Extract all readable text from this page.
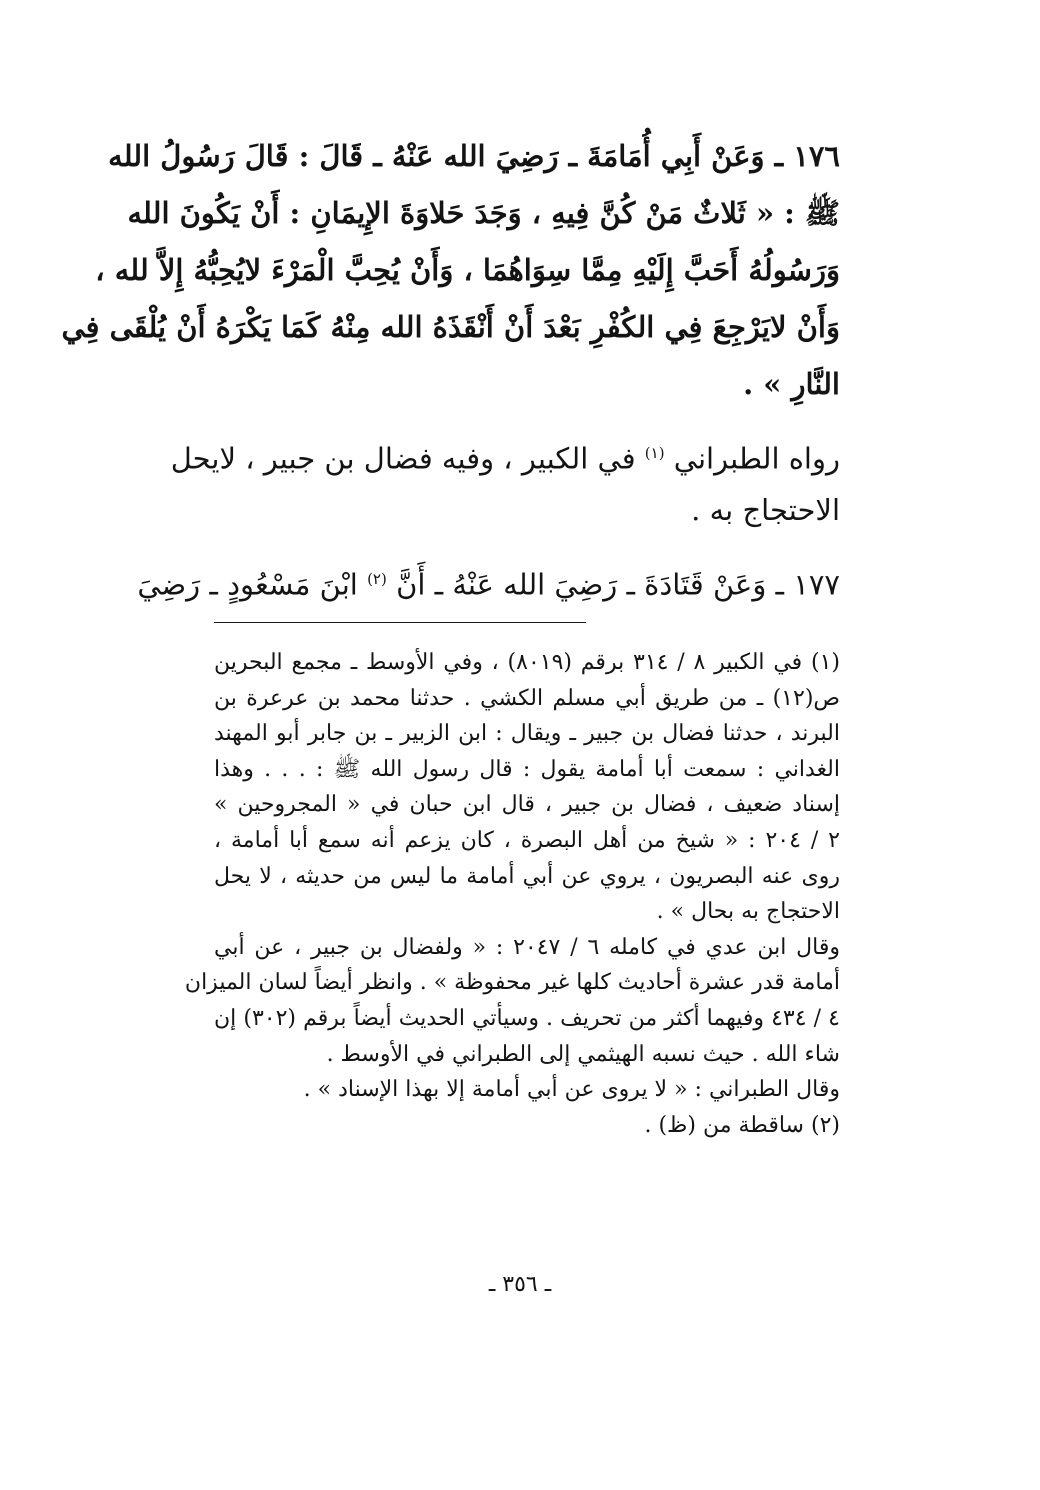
١٧٦ ـ وَعَنْ أَبِي أُمَامَةَ ـ رَضِيَ الله عَنْهُ ـ قَالَ : قَالَ رَسُولُ الله
ﷺ : « ثَلاثٌ مَنْ كُنَّ فِيهِ ، وَجَدَ حَلاوَةَ الإِيمَانِ : أَنْ يَكُونَ الله
وَرَسُولُهُ أَحَبَّ إِلَيْهِ مِمَّا سِوَاهُمَا ، وَأَنْ يُحِبَّ الْمَرْءَ لايُحِبُّهُ إِلاَّ لله ،
وَأَنْ لايَرْجِعَ فِي الكُفْرِ بَعْدَ أَنْ أَنْقَذَهُ الله مِنْهُ كَمَا يَكْرَهُ أَنْ يُلْقَى فِي
النَّارِ » .
رواه الطبراني $^{(١)}$ في الكبير ، وفيه فضال بن جبير ، لايحل
الاحتجاج به .
١٧٧ ـ وَعَنْ قَتَادَةَ ـ رَضِيَ الله عَنْهُ ـ أَنَّ $^{(٢)}$ ابْنَ مَسْعُودٍ ـ رَضِيَ
(١) في الكبير ٨ / ٣١٤ برقم (٨٠١٩) ، وفي الأوسط ـ مجمع البحرين
ص(١٢) ـ من طريق أبي مسلم الكشي . حدثنا محمد بن عرعرة بن
البرند ، حدثنا فضال بن جبير ـ ويقال : ابن الزبير ـ بن جابر أبو المهند
الغداني : سمعت أبا أمامة يقول : قال رسول الله ﷺ : . . . وهذا
إسناد ضعيف ، فضال بن جبير ، قال ابن حبان في « المجروحين »
٢ / ٢٠٤ : « شيخ من أهل البصرة ، كان يزعم أنه سمع أبا أمامة ،
روى عنه البصريون ، يروي عن أبي أمامة ما ليس من حديثه ، لا يحل
الاحتجاج به بحال » .
وقال ابن عدي في كامله ٦ / ٢٠٤٧ : « ولفضال بن جبير ، عن أبي
أمامة قدر عشرة أحاديث كلها غير محفوظة » . وانظر أيضاً لسان الميزان
٤ / ٤٣٤ وفيهما أكثر من تحريف . وسيأتي الحديث أيضاً برقم (٣٠٢) إن
شاء الله . حيث نسبه الهيثمي إلى الطبراني في الأوسط .
وقال الطبراني : « لا يروى عن أبي أمامة إلا بهذا الإسناد » .
(٢) ساقطة من (ظ) .
ـ ٣٥٦ ـ
